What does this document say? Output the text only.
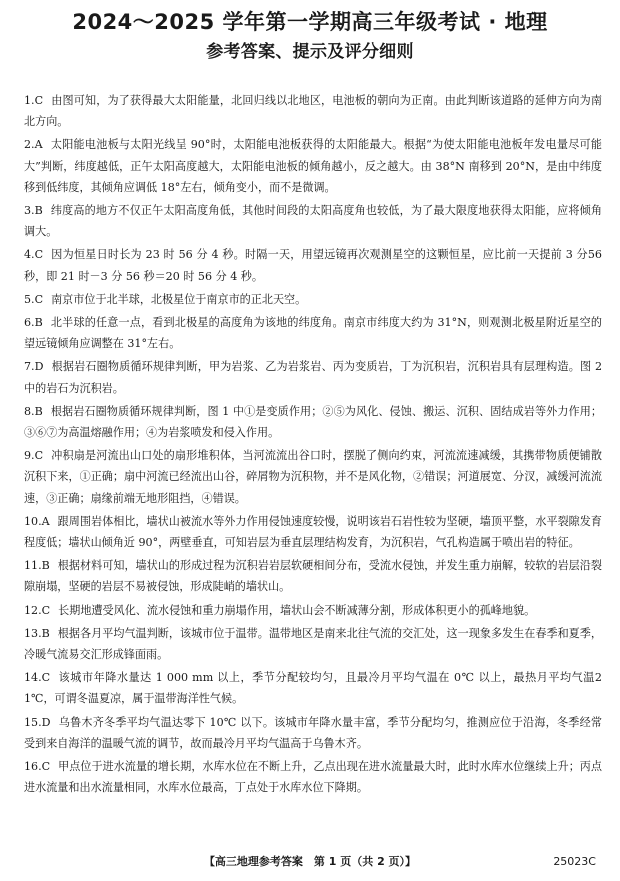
2024～2025 学年第一学期高三年级考试 · 地理
参考答案、提示及评分细则
1.C 由图可知，为了获得最大太阳能量，北回归线以北地区，电池板的朝向为正南。由此判断该道路的延伸方向为南北方向。
2.A 太阳能电池板与太阳光线呈 90°时，太阳能电池板获得的太阳能最大。根据“为使太阳能电池板年发电量尽可能大”判断，纬度越低，正午太阳高度越大，太阳能电池板的倾角越小，反之越大。由 38°N 南移到 20°N，是由中纬度移到低纬度，其倾角应调低 18°左右，倾角变小，而不是微调。
3.B 纬度高的地方不仅正午太阳高度角低，其他时间段的太阳高度角也较低，为了最大限度地获得太阳能，应将倾角调大。
4.C 因为恒星日时长为 23 时 56 分 4 秒。时隔一天，用望远镜再次观测星空的这颗恒星，应比前一天提前 3 分56 秒，即 21 时－3 分 56 秒＝20 时 56 分 4 秒。
5.C 南京市位于北半球，北极星位于南京市的正北天空。
6.B 北半球的任意一点，看到北极星的高度角为该地的纬度角。南京市纬度大约为 31°N，则观测北极星附近星空的望远镜倾角应调整在 31°左右。
7.D 根据岩石圈物质循环规律判断，甲为岩浆、乙为岩浆岩、丙为变质岩，丁为沉积岩，沉积岩具有层理构造。图 2 中的岩石为沉积岩。
8.B 根据岩石圈物质循环规律判断，图 1 中①是变质作用；②⑤为风化、侵蚀、搬运、沉积、固结成岩等外力作用；③⑥⑦为高温熔融作用；④为岩浆喷发和侵入作用。
9.C 冲积扇是河流出山口处的扇形堆积体，当河流流出谷口时，摆脱了侧向约束，河流流速减缓，其携带物质便铺散沉积下来，①正确；扇中河流已经流出山谷，碎屑物为沉积物，并不是风化物，②错误；河道展宽、分汊，减缓河流流速，③正确；扇缘前端无地形阻挡，④错误。
10.A 跟周围岩体相比，墙状山被流水等外力作用侵蚀速度较慢，说明该岩石岩性较为坚硬，墙顶平整，水平裂隙发育程度低；墙状山倾角近 90°，两壁垂直，可知岩层为垂直层理结构发育，为沉积岩，气孔构造属于喷出岩的特征。
11.B 根据材料可知，墙状山的形成过程为沉积岩岩层软硬相间分布，受流水侵蚀，并发生重力崩解，较软的岩层沿裂隙崩塌，坚硬的岩层不易被侵蚀，形成陡峭的墙状山。
12.C 长期地遭受风化、流水侵蚀和重力崩塌作用，墙状山会不断减薄分割，形成体积更小的孤峰地貌。
13.B 根据各月平均气温判断，该城市位于温带。温带地区是南来北往气流的交汇处，这一现象多发生在春季和夏季，冷暖气流易交汇形成锋面雨。
14.C 该城市年降水量达 1 000 mm 以上，季节分配较均匀，且最冷月平均气温在 0℃ 以上，最热月平均气温21℃，可谓冬温夏凉，属于温带海洋性气候。
15.D 乌鲁木齐冬季平均气温达零下 10℃ 以下。该城市年降水量丰富，季节分配均匀，推测应位于沿海，冬季经常受到来自海洋的温暖气流的调节，故而最冷月平均气温高于乌鲁木齐。
16.C 甲点位于进水流量的增长期，水库水位在不断上升，乙点出现在进水流量最大时，此时水库水位继续上升；丙点进水流量和出水流量相同，水库水位最高，丁点处于水库水位下降期。
【高三地理参考答案　第 1 页（共 2 页）】	25023C
